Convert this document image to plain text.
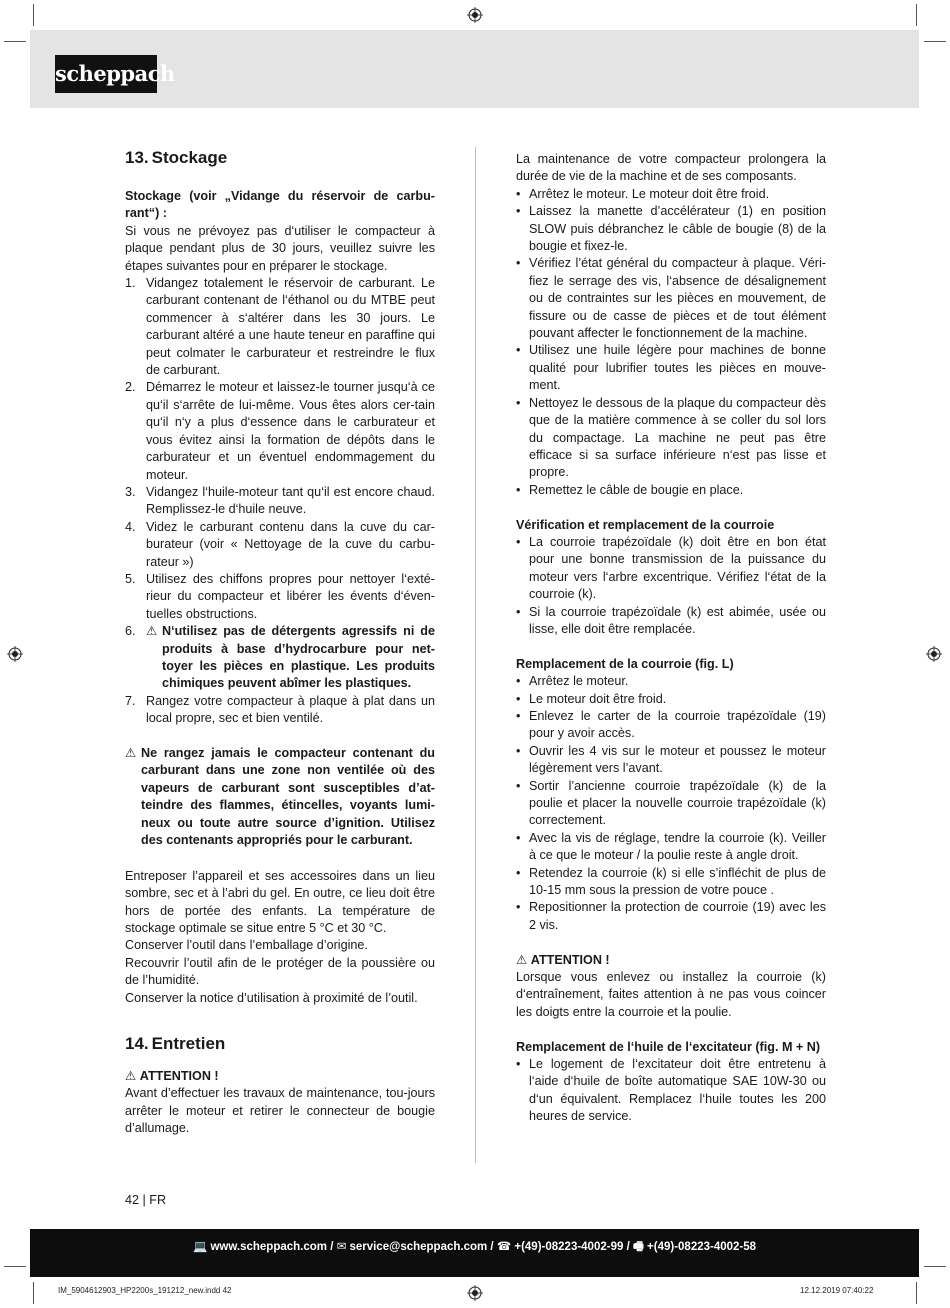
scheppach
13. Stockage

Stockage (voir „Vidange du réservoir de carbu-rant“) :

Si vous ne prévoyez pas d‘utiliser le compacteur à plaque pendant plus de 30 jours, veuillez suivre les étapes suivantes pour en préparer le stockage.

1. Vidangez totalement le réservoir de carburant. Le carburant contenant de l‘éthanol ou du MTBE peut commencer à s‘altérer dans les 30 jours. Le carburant altéré a une haute teneur en paraffine qui peut colmater le carburateur et restreindre le flux de carburant.
2. Démarrez le moteur et laissez-le tourner jusqu‘à ce qu‘il s‘arrête de lui-même. Vous êtes alors cer-tain qu‘il n‘y a plus d‘essence dans le carburateur et vous évitez ainsi la formation de dépôts dans le carburateur et un éventuel endommagement du moteur.
3. Vidangez l‘huile-moteur tant qu‘il est encore chaud. Remplissez-le d‘huile neuve.
4. Videz le carburant contenu dans la cuve du car-burateur (voir « Nettoyage de la cuve du carbu-rateur »)
5. Utilisez des chiffons propres pour nettoyer l‘exté-rieur du compacteur et libérer les évents d‘éven-tuelles obstructions.
6. ⚠ N‘utilisez pas de détergents agressifs ni de produits à base d’hydrocarbure pour net-toyer les pièces en plastique. Les produits chimiques peuvent abîmer les plastiques.
7. Rangez votre compacteur à plaque à plat dans un local propre, sec et bien ventilé.
⚠ Ne rangez jamais le compacteur contenant du carburant dans une zone non ventilée où des vapeurs de carburant sont susceptibles d’at-teindre des flammes, étincelles, voyants lumi-neux ou toute autre source d’ignition. Utilisez des contenants appropriés pour le carburant.

Entreposer l’appareil et ses accessoires dans un lieu sombre, sec et à l’abri du gel. En outre, ce lieu doit être hors de portée des enfants. La température de stockage optimale se situe entre 5 °C et 30 °C.

Conserver l’outil dans l’emballage d’origine.

Recouvrir l’outil afin de le protéger de la poussière ou de l’humidité.

Conserver la notice d’utilisation à proximité de l’outil.

14. Entretien

⚠ ATTENTION !

Avant d’effectuer les travaux de maintenance, tou-jours arrêter le moteur et retirer le connecteur de bougie d’allumage.

La maintenance de votre compacteur prolongera la durée de vie de la machine et de ses composants.

• Arrêtez le moteur. Le moteur doit être froid.
• Laissez la manette d’accélérateur (1) en position SLOW puis débranchez le câble de bougie (8) de la bougie et fixez-le.
• Vérifiez l’état général du compacteur à plaque. Véri-fiez le serrage des vis, l‘absence de désalignement ou de contraintes sur les pièces en mouvement, de fissure ou de casse de pièces et de tout élément pouvant affecter le fonctionnement de la machine.
• Utilisez une huile légère pour machines de bonne qualité pour lubrifier toutes les pièces en mouve-ment.
• Nettoyez le dessous de la plaque du compacteur dès que de la matière commence à se coller du sol lors du compactage. La machine ne peut pas être efficace si sa surface inférieure n‘est pas lisse et propre.
• Remettez le câble de bougie en place.

Vérification et remplacement de la courroie

• La courroie trapézoïdale (k) doit être en bon état pour une bonne transmission de la puissance du moteur vers l‘arbre excentrique. Vérifiez l‘état de la courroie (k).
• Si la courroie trapézoïdale (k) est abimée, usée ou lisse, elle doit être remplacée.

Remplacement de la courroie (fig. L)

• Arrêtez le moteur.
• Le moteur doit être froid.
• Enlevez le carter de la courroie trapézoïdale (19) pour y avoir accès.
• Ouvrir les 4 vis sur le moteur et poussez le moteur légèrement vers l’avant.
• Sortir l’ancienne courroie trapézoïdale (k) de la poulie et placer la nouvelle courroie trapézoïdale (k) correctement.
• Avec la vis de réglage, tendre la courroie (k). Veiller à ce que le moteur / la poulie reste à angle droit.
• Retendez la courroie (k) si elle s’infléchit de plus de 10-15 mm sous la pression de votre pouce .
• Repositionner la protection de courroie (19) avec les 2 vis.

⚠ ATTENTION !

Lorsque vous enlevez ou installez la courroie (k) d‘entraînement, faites attention à ne pas vous coincer les doigts entre la courroie et la poulie.

Remplacement de l‘huile de l‘excitateur (fig. M + N)

• Le logement de l‘excitateur doit être entretenu à l‘aide d‘huile de boîte automatique SAE 10W-30 ou d‘un équivalent. Remplacez l‘huile toutes les 200 heures de service.
42 | FR
💻 www.scheppach.com / ✉ service@scheppach.com / ☎ +(49)-08223-4002-99 / 🖷 +(49)-08223-4002-58
IM_5904612903_HP2200s_191212_new.indd 42	12.12.2019 07:40:22
